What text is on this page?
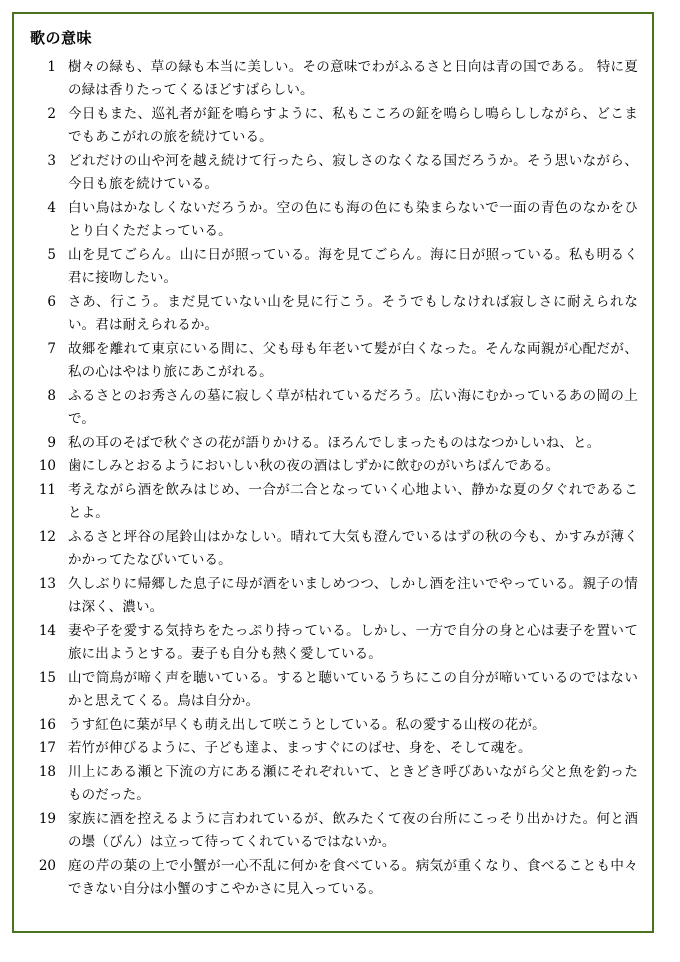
歌の意味
1 樹々の緑も、草の緑も本当に美しい。その意味でわがふるさと日向は青の国である。 特に夏の緑は香りたってくるほどすばらしい。
2 今日もまた、巡礼者が鉦を鳴らすように、私もこころの鉦を鳴らし鳴らししながら、どこまでもあこがれの旅を続けている。
3 どれだけの山や河を越え続けて行ったら、寂しさのなくなる国だろうか。そう思いながら、今日も旅を続けている。
4 白い鳥はかなしくないだろうか。空の色にも海の色にも染まらないで一面の青色のなかをひとり白くただよっている。
5 山を見てごらん。山に日が照っている。海を見てごらん。海に日が照っている。私も明るく君に接吻したい。
6 さあ、行こう。まだ見ていない山を見に行こう。そうでもしなければ寂しさに耐えられない。君は耐えられるか。
7 故郷を離れて東京にいる間に、父も母も年老いて髪が白くなった。そんな両親が心配だが、私の心はやはり旅にあこがれる。
8 ふるさとのお秀さんの墓に寂しく草が枯れているだろう。広い海にむかっているあの岡の上で。
9 私の耳のそばで秋ぐさの花が語りかける。ほろんでしまったものはなつかしいね、と。
10 歯にしみとおるようにおいしい秋の夜の酒はしずかに飲むのがいちばんである。
11 考えながら酒を飲みはじめ、一合が二合となっていく心地よい、静かな夏の夕ぐれであることよ。
12 ふるさと坪谷の尾鈴山はかなしい。晴れて大気も澄んでいるはずの秋の今も、かすみが薄くかかってたなびいている。
13 久しぶりに帰郷した息子に母が酒をいましめつつ、しかし酒を注いでやっている。親子の情は深く、濃い。
14 妻や子を愛する気持ちをたっぷり持っている。しかし、一方で自分の身と心は妻子を置いて旅に出ようとする。妻子も自分も熱く愛している。
15 山で筒鳥が啼く声を聴いている。すると聴いているうちにこの自分が啼いているのではないかと思えてくる。鳥は自分か。
16 うす紅色に葉が早くも萌え出して咲こうとしている。私の愛する山桜の花が。
17 若竹が伸びるように、子ども達よ、まっすぐにのばせ、身を、そして魂を。
18 川上にある瀬と下流の方にある瀬にそれぞれいて、ときどき呼びあいながら父と魚を釣ったものだった。
19 家族に酒を控えるように言われているが、飲みたくて夜の台所にこっそり出かけた。何と酒の壜（びん）は立って待ってくれているではないか。
20 庭の芹の葉の上で小蟹が一心不乱に何かを食べている。病気が重くなり、食べることも中々できない自分は小蟹のすこやかさに見入っている。
